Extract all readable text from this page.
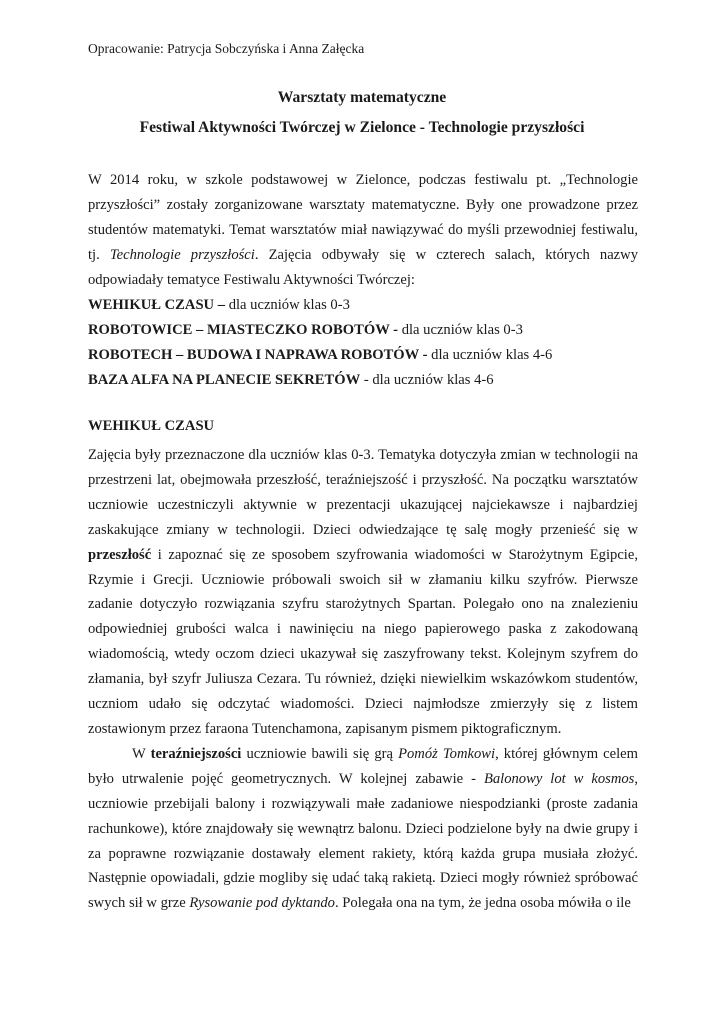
Opracowanie: Patrycja Sobczyńska i Anna Załęcka
Warsztaty matematyczne
Festiwal Aktywności Twórczej w Zielonce - Technologie przyszłości

W 2014 roku, w szkole podstawowej w Zielonce, podczas festiwalu pt. „Technologie przyszłości” zostały zorganizowane warsztaty matematyczne. Były one prowadzone przez studentów matematyki. Temat warsztatów miał nawiązywać do myśli przewodniej festiwalu, tj. Technologie przyszłości. Zajęcia odbywały się w czterech salach, których nazwy odpowiadały tematyce Festiwalu Aktywności Twórczej:

WEHIKUŁ CZASU – dla uczniów klas 0-3
ROBOTOWICE – MIASTECZKO ROBOTÓW - dla uczniów klas 0-3
ROBOTECH – BUDOWA I NAPRAWA ROBOTÓW - dla uczniów klas 4-6
BAZA ALFA NA PLANECIE SEKRETÓW - dla uczniów klas 4-6
WEHIKUŁ CZASU

Zajęcia były przeznaczone dla uczniów klas 0-3. Tematyka dotyczyła zmian w technologii na przestrzeni lat, obejmowała przeszłość, teraźniejszość i przyszłość. Na początku warsztatów uczniowie uczestniczyli aktywnie w prezentacji ukazującej najciekawsze i najbardziej zaskakujące zmiany w technologii. Dzieci odwiedzające tę salę mogły przenieść się w przeszłość i zapoznać się ze sposobem szyfrowania wiadomości w Starożytnym Egipcie, Rzymie i Grecji. Uczniowie próbowali swoich sił w złamaniu kilku szyfrów. Pierwsze zadanie dotyczyło rozwiązania szyfru starożytnych Spartan. Polegało ono na znalezieniu odpowiedniej grubości walca i nawinięciu na niego papierowego paska z zakodowaną wiadomością, wtedy oczom dzieci ukazywał się zaszyfrowany tekst. Kolejnym szyfrem do złamania, był szyfr Juliusza Cezara. Tu również, dzięki niewielkim wskazówkom studentów, uczniom udało się odczytać wiadomości. Dzieci najmłodsze zmierzyły się z listem zostawionym przez faraona Tutenchamona, zapisanym pismem piktograficznym.

W teraźniejszości uczniowie bawili się grą Pomóż Tomkowi, której głównym celem było utrwalenie pojęć geometrycznych. W kolejnej zabawie - Balonowy lot w kosmos, uczniowie przebijali balony i rozwiązywali małe zadaniowe niespodzianki (proste zadania rachunkowe), które znajdowały się wewnątrz balonu. Dzieci podzielone były na dwie grupy i za poprawne rozwiązanie dostawały element rakiety, którą każda grupa musiała złożyć. Następnie opowiadali, gdzie mogliby się udać taką rakietą. Dzieci mogły również spróbować swych sił w grze Rysowanie pod dyktando. Polegała ona na tym, że jedna osoba mówiła o ile
